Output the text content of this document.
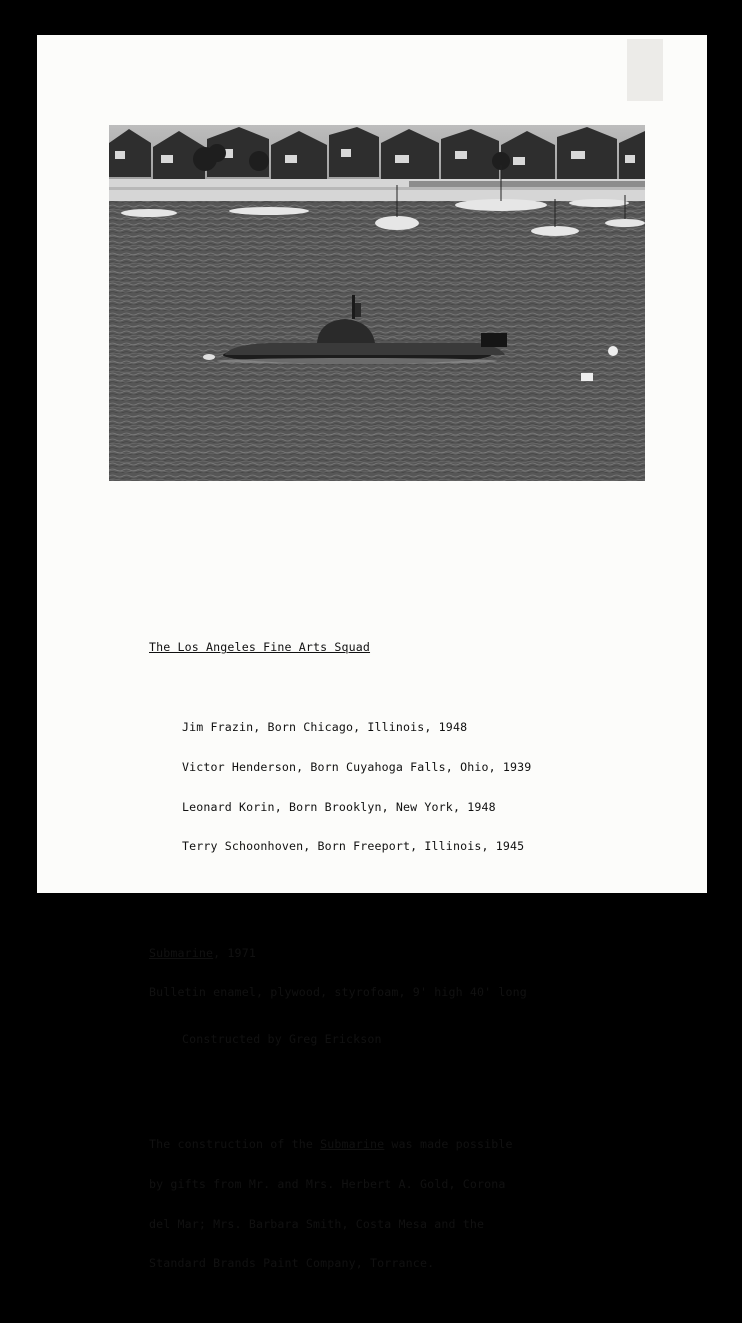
The Los Angeles Fine Arts Squad

Jim Frazin, Born Chicago, Illinois, 1948

Victor Henderson, Born Cuyahoga Falls, Ohio, 1939

Leonard Korin, Born Brooklyn, New York, 1948

Terry Schoonhoven, Born Freeport, Illinois, 1945

Submarine, 1971

Bulletin enamel, plywood, styrofoam, 9' high 40' long

Constructed by Greg Erickson

The construction of the Submarine was made possible

by gifts from Mr. and Mrs. Herbert A. Gold, Corona

del Mar; Mrs. Barbara Smith, Costa Mesa and the

Standard Brands Paint Company, Torrance.
